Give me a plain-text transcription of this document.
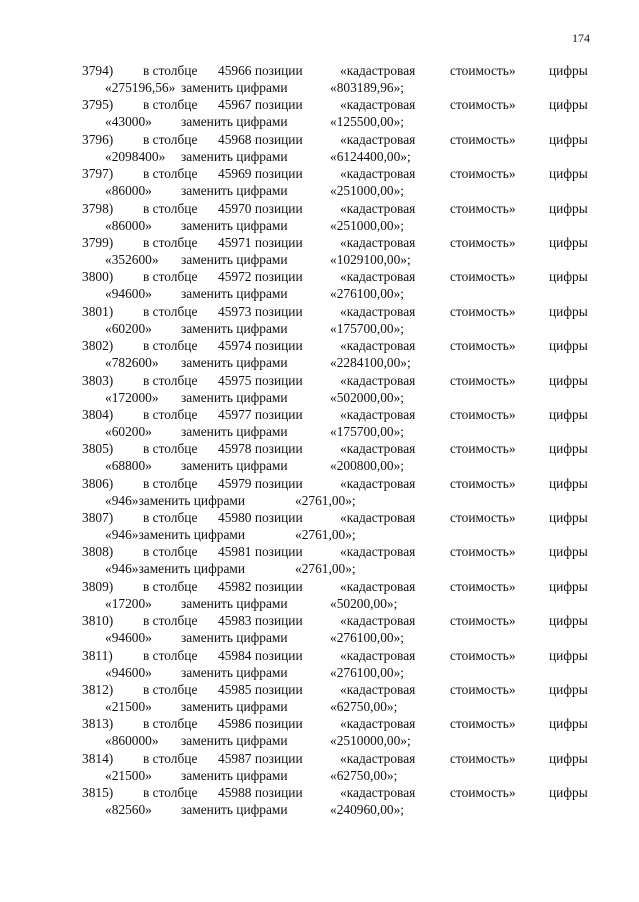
174
3794) в столбце 45966 позиции	«кадастровая	стоимость» цифры
«275196,56» заменить цифрами	«803189,96»;
3795) в столбце 45967 позиции	«кадастровая	стоимость» цифры
«43000» заменить цифрами	«125500,00»;
3796) в столбце 45968 позиции	«кадастровая	стоимость» цифры
«2098400» заменить цифрами	«6124400,00»;
3797) в столбце 45969 позиции	«кадастровая	стоимость» цифры
«86000» заменить цифрами	«251000,00»;
3798) в столбце 45970 позиции	«кадастровая	стоимость» цифры
«86000» заменить цифрами	«251000,00»;
3799) в столбце 45971 позиции	«кадастровая	стоимость» цифры
«352600» заменить цифрами	«1029100,00»;
3800) в столбце 45972 позиции	«кадастровая	стоимость» цифры
«94600» заменить цифрами	«276100,00»;
3801) в столбце 45973 позиции	«кадастровая	стоимость» цифры
«60200» заменить цифрами	«175700,00»;
3802) в столбце 45974 позиции	«кадастровая	стоимость» цифры
«782600» заменить цифрами	«2284100,00»;
3803) в столбце 45975 позиции	«кадастровая	стоимость» цифры
«172000» заменить цифрами	«502000,00»;
3804) в столбце 45977 позиции	«кадастровая	стоимость» цифры
«60200» заменить цифрами	«175700,00»;
3805) в столбце 45978 позиции	«кадастровая	стоимость» цифры
«68800» заменить цифрами	«200800,00»;
3806) в столбце 45979 позиции	«кадастровая	стоимость» цифры
«946»заменить цифрами	«2761,00»;
3807) в столбце 45980 позиции	«кадастровая	стоимость» цифры
«946»заменить цифрами	«2761,00»;
3808) в столбце 45981 позиции	«кадастровая	стоимость» цифры
«946»заменить цифрами	«2761,00»;
3809) в столбце 45982 позиции	«кадастровая	стоимость» цифры
«17200» заменить цифрами	«50200,00»;
3810) в столбце 45983 позиции	«кадастровая	стоимость» цифры
«94600» заменить цифрами	«276100,00»;
3811) в столбце 45984 позиции	«кадастровая	стоимость» цифры
«94600» заменить цифрами	«276100,00»;
3812) в столбце 45985 позиции	«кадастровая	стоимость» цифры
«21500» заменить цифрами	«62750,00»;
3813) в столбце 45986 позиции	«кадастровая	стоимость» цифры
«860000» заменить цифрами	«2510000,00»;
3814) в столбце 45987 позиции	«кадастровая	стоимость» цифры
«21500» заменить цифрами	«62750,00»;
3815) в столбце 45988 позиции	«кадастровая	стоимость» цифры
«82560» заменить цифрами	«240960,00»;
